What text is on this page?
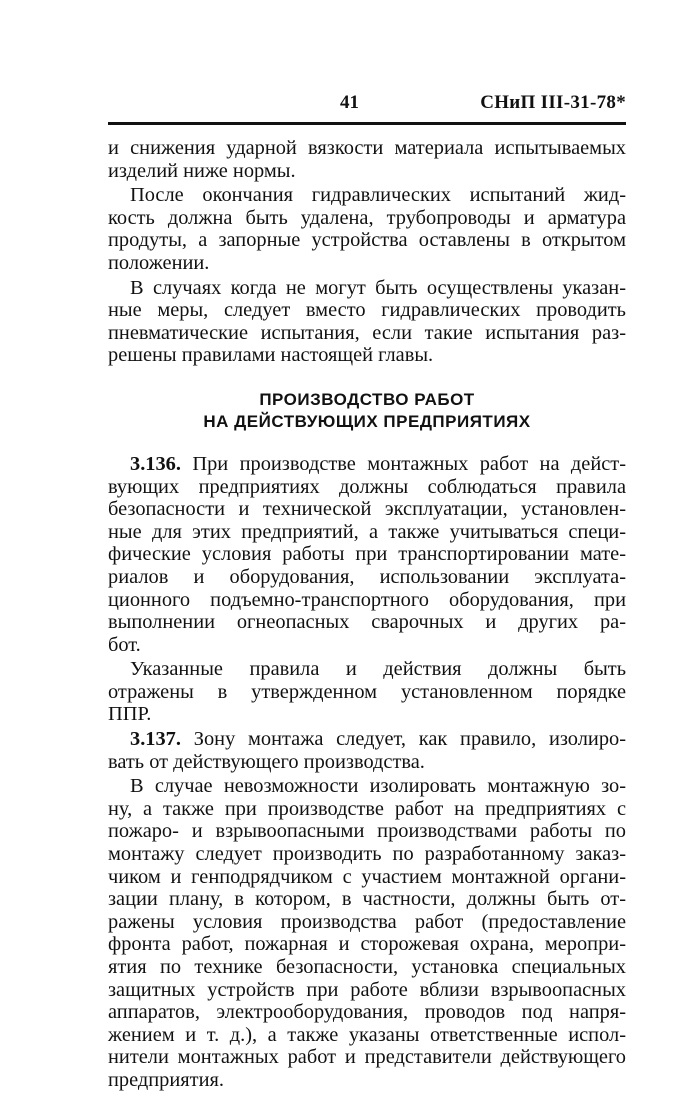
41	СНиП III-31-78*
и снижения ударной вязкости материала испытываемых
изделий ниже нормы.
После окончания гидравлических испытаний жид-
кость должна быть удалена, трубопроводы и арматура
продуты, а запорные устройства оставлены в открытом
положении.
В случаях когда не могут быть осуществлены указан-
ные меры, следует вместо гидравлических проводить
пневматические испытания, если такие испытания раз-
решены правилами настоящей главы.
ПРОИЗВОДСТВО РАБОТ
НА ДЕЙСТВУЮЩИХ ПРЕДПРИЯТИЯХ
3.136. При производстве монтажных работ на дейст-
вующих предприятиях должны соблюдаться правила
безопасности и технической эксплуатации, установлен-
ные для этих предприятий, а также учитываться специ-
фические условия работы при транспортировании мате-
риалов и оборудования, использовании эксплуата-
ционного подъемно-транспортного оборудования, при
выполнении огнеопасных сварочных и других ра-
бот.
Указанные правила и действия должны быть
отражены в утвержденном установленном порядке
ППР.
3.137. Зону монтажа следует, как правило, изолиро-
вать от действующего производства.
В случае невозможности изолировать монтажную зо-
ну, а также при производстве работ на предприятиях с
пожаро- и взрывоопасными производствами работы по
монтажу следует производить по разработанному заказ-
чиком и генподрядчиком с участием монтажной органи-
зации плану, в котором, в частности, должны быть от-
ражены условия производства работ (предоставление
фронта работ, пожарная и сторожевая охрана, меропри-
ятия по технике безопасности, установка специальных
защитных устройств при работе вблизи взрывоопасных
аппаратов, электрооборудования, проводов под напря-
жением и т. д.), а также указаны ответственные испол-
нители монтажных работ и представители действующего
предприятия.
